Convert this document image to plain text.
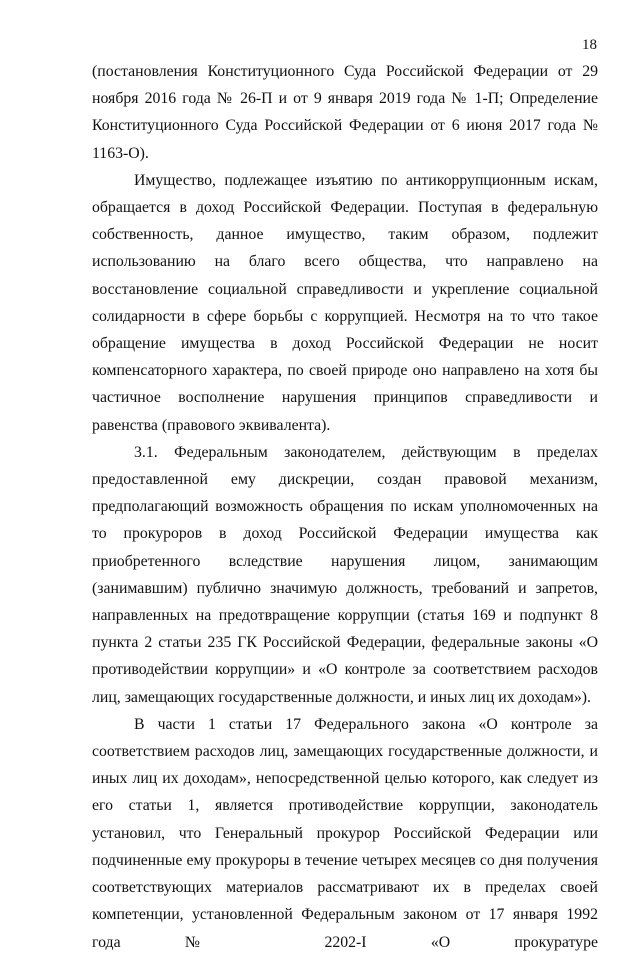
18

(постановления Конституционного Суда Российской Федерации от 29 ноября 2016 года № 26-П и от 9 января 2019 года № 1-П; Определение Конституционного Суда Российской Федерации от 6 июня 2017 года № 1163-О).

Имущество, подлежащее изъятию по антикоррупционным искам, обращается в доход Российской Федерации. Поступая в федеральную собственность, данное имущество, таким образом, подлежит использованию на благо всего общества, что направлено на восстановление социальной справедливости и укрепление социальной солидарности в сфере борьбы с коррупцией. Несмотря на то что такое обращение имущества в доход Российской Федерации не носит компенсаторного характера, по своей природе оно направлено на хотя бы частичное восполнение нарушения принципов справедливости и равенства (правового эквивалента).

3.1. Федеральным законодателем, действующим в пределах предоставленной ему дискреции, создан правовой механизм, предполагающий возможность обращения по искам уполномоченных на то прокуроров в доход Российской Федерации имущества как приобретенного вследствие нарушения лицом, занимающим (занимавшим) публично значимую должность, требований и запретов, направленных на предотвращение коррупции (статья 169 и подпункт 8 пункта 2 статьи 235 ГК Российской Федерации, федеральные законы «О противодействии коррупции» и «О контроле за соответствием расходов лиц, замещающих государственные должности, и иных лиц их доходам»).

В части 1 статьи 17 Федерального закона «О контроле за соответствием расходов лиц, замещающих государственные должности, и иных лиц их доходам», непосредственной целью которого, как следует из его статьи 1, является противодействие коррупции, законодатель установил, что Генеральный прокурор Российской Федерации или подчиненные ему прокуроры в течение четырех месяцев со дня получения соответствующих материалов рассматривают их в пределах своей компетенции, установленной Федеральным законом от 17 января 1992 года № 2202-I «О прокуратуре
